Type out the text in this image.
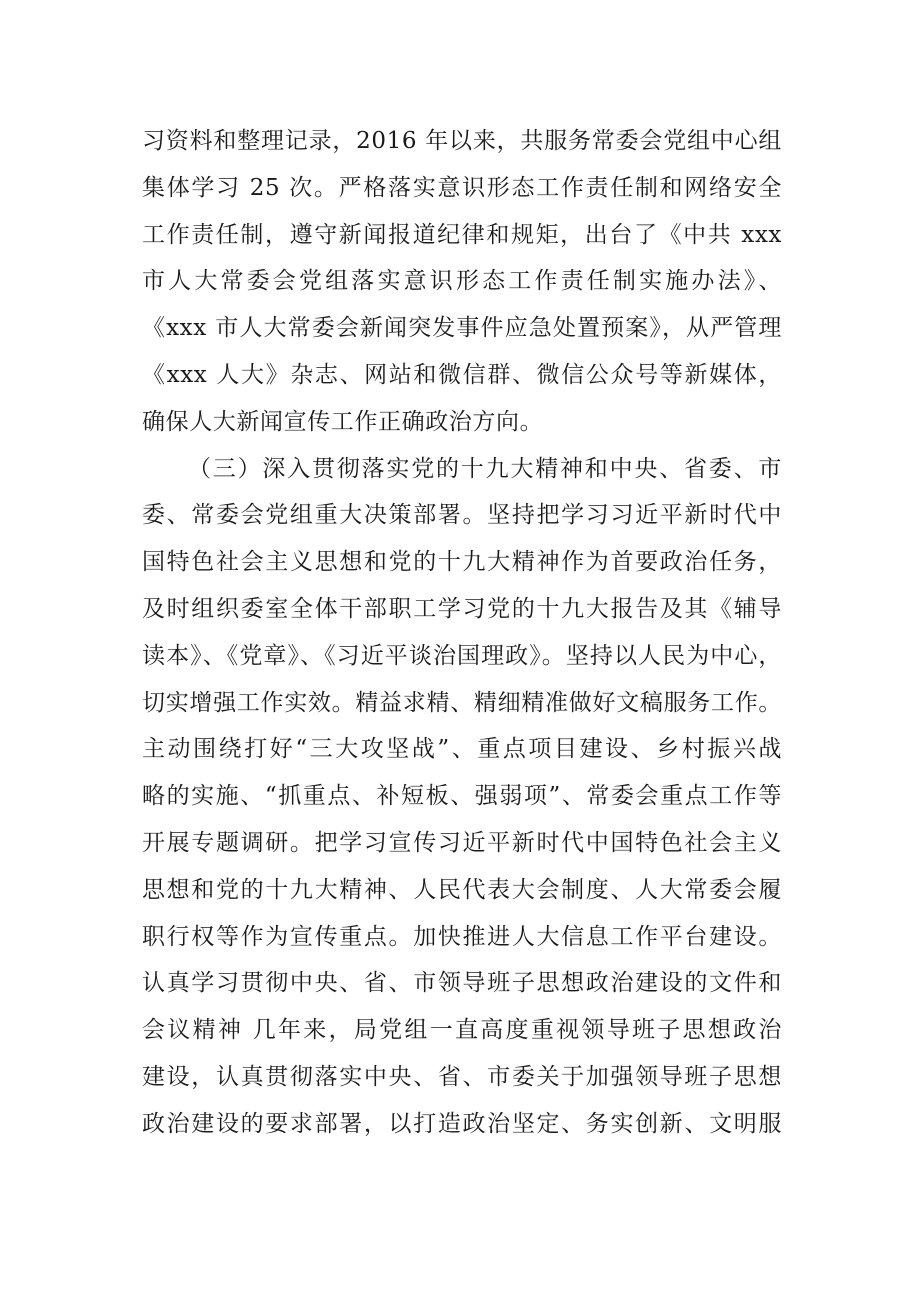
习资料和整理记录，2016 年以来，共服务常委会党组中心组
集体学习 25 次。严格落实意识形态工作责任制和网络安全
工作责任制，遵守新闻报道纪律和规矩，出台了《中共 xxx
市人大常委会党组落实意识形态工作责任制实施办法》、
《xxx 市人大常委会新闻突发事件应急处置预案》，从严管理
《xxx 人大》杂志、网站和微信群、微信公众号等新媒体，
确保人大新闻宣传工作正确政治方向。
（三）深入贯彻落实党的十九大精神和中央、省委、市
委、常委会党组重大决策部署。坚持把学习习近平新时代中
国特色社会主义思想和党的十九大精神作为首要政治任务，
及时组织委室全体干部职工学习党的十九大报告及其《辅导
读本》、《党章》、《习近平谈治国理政》。坚持以人民为中心，
切实增强工作实效。精益求精、精细精准做好文稿服务工作。
主动围绕打好“三大攻坚战”、重点项目建设、乡村振兴战
略的实施、“抓重点、补短板、强弱项”、常委会重点工作等
开展专题调研。把学习宣传习近平新时代中国特色社会主义
思想和党的十九大精神、人民代表大会制度、人大常委会履
职行权等作为宣传重点。加快推进人大信息工作平台建设。
认真学习贯彻中央、省、市领导班子思想政治建设的文件和
会议精神 几年来，局党组一直高度重视领导班子思想政治
建设，认真贯彻落实中央、省、市委关于加强领导班子思想
政治建设的要求部署，以打造政治坚定、务实创新、文明服
